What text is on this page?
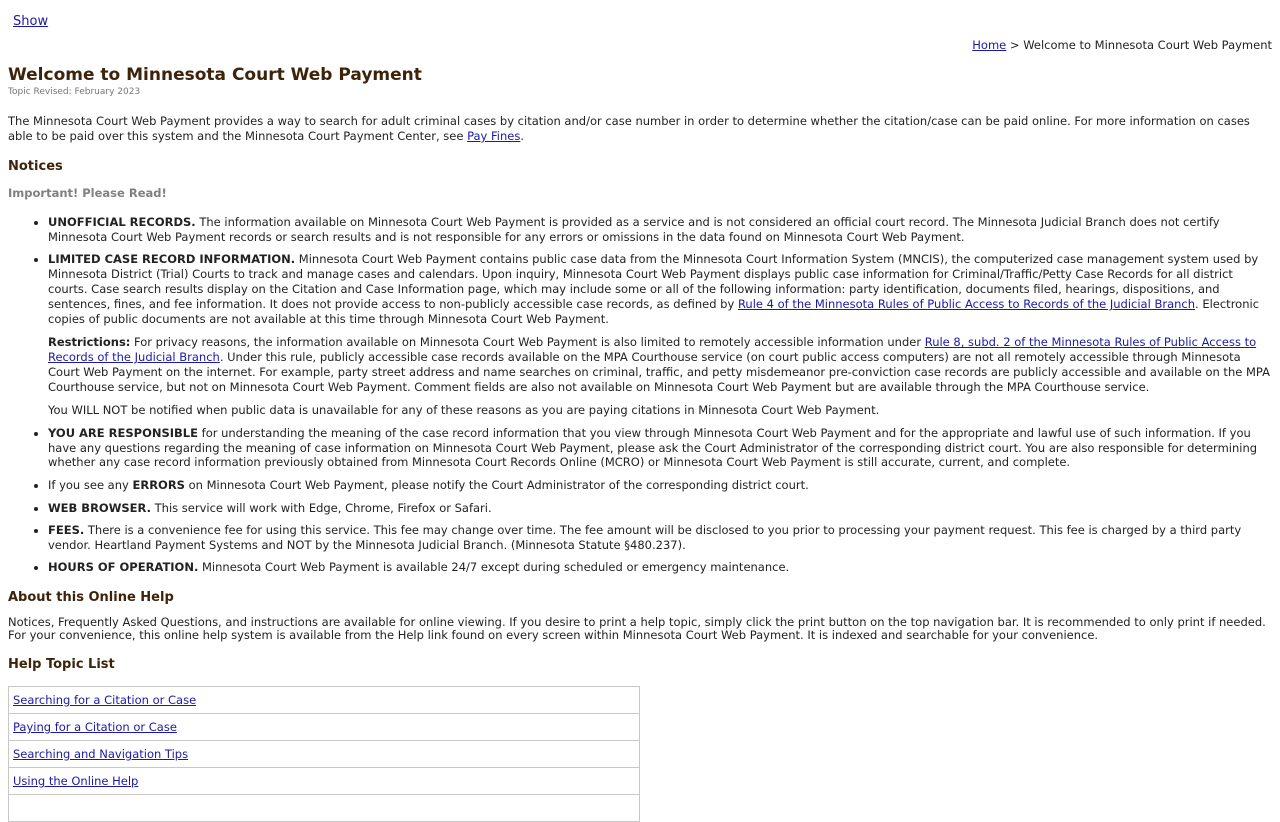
Show
Home > Welcome to Minnesota Court Web Payment
Welcome to Minnesota Court Web Payment
Topic Revised: February 2023

The Minnesota Court Web Payment provides a way to search for adult criminal cases by citation and/or case number in order to determine whether the citation/case can be paid online. For more information on cases able to be paid over this system and the Minnesota Court Payment Center, see Pay Fines.

Notices
Important! Please Read!
• UNOFFICIAL RECORDS. The information available on Minnesota Court Web Payment is provided as a service and is not considered an official court record. The Minnesota Judicial Branch does not certify Minnesota Court Web Payment records or search results and is not responsible for any errors or omissions in the data found on Minnesota Court Web Payment.

• LIMITED CASE RECORD INFORMATION. Minnesota Court Web Payment contains public case data from the Minnesota Court Information System (MNCIS), the computerized case management system used by Minnesota District (Trial) Courts to track and manage cases and calendars. Upon inquiry, Minnesota Court Web Payment displays public case information for Criminal/Traffic/Petty Case Records for all district courts. Case search results display on the Citation and Case Information page, which may include some or all of the following information: party identification, documents filed, hearings, dispositions, and sentences, fines, and fee information. It does not provide access to non-publicly accessible case records, as defined by Rule 4 of the Minnesota Rules of Public Access to Records of the Judicial Branch. Electronic copies of public documents are not available at this time through Minnesota Court Web Payment.

Restrictions: For privacy reasons, the information available on Minnesota Court Web Payment is also limited to remotely accessible information under Rule 8, subd. 2 of the Minnesota Rules of Public Access to Records of the Judicial Branch. Under this rule, publicly accessible case records available on the MPA Courthouse service (on court public access computers) are not all remotely accessible through Minnesota Court Web Payment on the internet. For example, party street address and name searches on criminal, traffic, and petty misdemeanor pre-conviction case records are publicly accessible and available on the MPA Courthouse service, but not on Minnesota Court Web Payment. Comment fields are also not available on Minnesota Court Web Payment but are available through the MPA Courthouse service.

You WILL NOT be notified when public data is unavailable for any of these reasons as you are paying citations in Minnesota Court Web Payment.

• YOU ARE RESPONSIBLE for understanding the meaning of the case record information that you view through Minnesota Court Web Payment and for the appropriate and lawful use of such information. If you have any questions regarding the meaning of case information on Minnesota Court Web Payment, please ask the Court Administrator of the corresponding district court. You are also responsible for determining whether any case record information previously obtained from Minnesota Court Records Online (MCRO) or Minnesota Court Web Payment is still accurate, current, and complete.
• If you see any ERRORS on Minnesota Court Web Payment, please notify the Court Administrator of the corresponding district court.
• WEB BROWSER. This service will work with Edge, Chrome, Firefox or Safari.
• FEES. There is a convenience fee for using this service. This fee may change over time. The fee amount will be disclosed to you prior to processing your payment request. This fee is charged by a third party vendor. Heartland Payment Systems and NOT by the Minnesota Judicial Branch. (Minnesota Statute §480.237).
• HOURS OF OPERATION. Minnesota Court Web Payment is available 24/7 except during scheduled or emergency maintenance.
About this Online Help

Notices, Frequently Asked Questions, and instructions are available for online viewing. If you desire to print a help topic, simply click the print button on the top navigation bar. It is recommended to only print if needed. For your convenience, this online help system is available from the Help link found on every screen within Minnesota Court Web Payment. It is indexed and searchable for your convenience.

Help Topic List
Searching for a Citation or Case
Paying for a Citation or Case
Searching and Navigation Tips
Using the Online Help
